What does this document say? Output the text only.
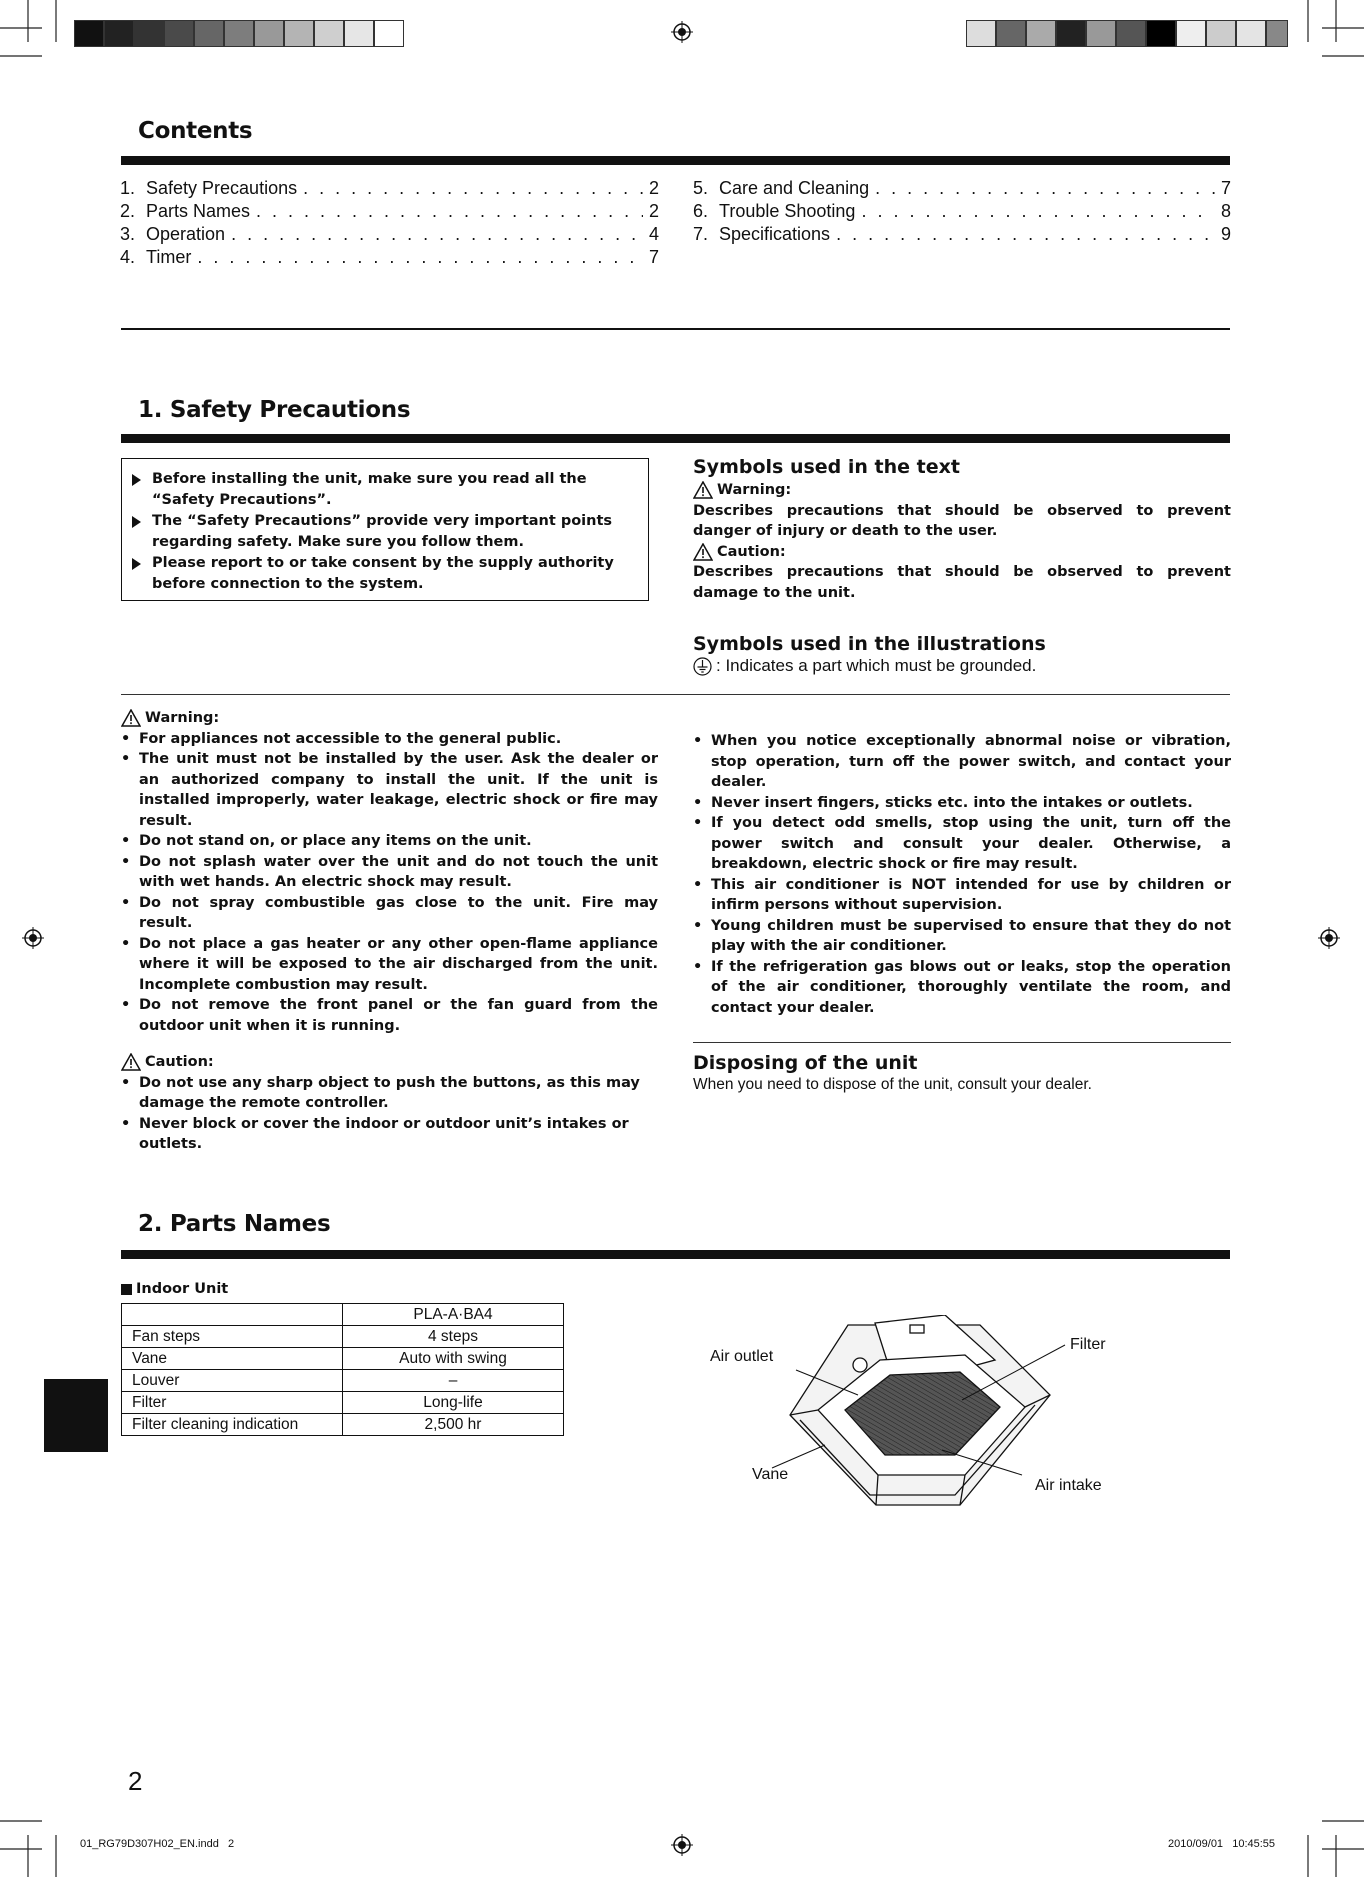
Contents
1. Safety Precautions . . .	2
2. Parts Names . . .	2
3. Operation . . .	4
4. Timer . . .	7
5. Care and Cleaning . . .	7
6. Trouble Shooting . . .	8
7. Specifications . . .	9
1. Safety Precautions
Before installing the unit, make sure you read all the “Safety Precautions”.
The “Safety Precautions” provide very important points regarding safety. Make sure you follow them.
Please report to or take consent by the supply authority before connection to the system.
Symbols used in the text
Warning:
Describes precautions that should be observed to prevent danger of injury or death to the user.
Caution:
Describes precautions that should be observed to prevent damage to the unit.
Symbols used in the illustrations
: Indicates a part which must be grounded.
Warning:
• For appliances not accessible to the general public.
• The unit must not be installed by the user. Ask the dealer or an authorized company to install the unit. If the unit is installed improperly, water leakage, electric shock or fire may result.
• Do not stand on, or place any items on the unit.
• Do not splash water over the unit and do not touch the unit with wet hands. An electric shock may result.
• Do not spray combustible gas close to the unit. Fire may result.
• Do not place a gas heater or any other open-flame appliance where it will be exposed to the air discharged from the unit. Incomplete combustion may result.
• Do not remove the front panel or the fan guard from the outdoor unit when it is running.
• When you notice exceptionally abnormal noise or vibration, stop operation, turn off the power switch, and contact your dealer.
• Never insert fingers, sticks etc. into the intakes or outlets.
• If you detect odd smells, stop using the unit, turn off the power switch and consult your dealer. Otherwise, a breakdown, electric shock or fire may result.
• This air conditioner is NOT intended for use by children or infirm persons without supervision.
• Young children must be supervised to ensure that they do not play with the air conditioner.
• If the refrigeration gas blows out or leaks, stop the operation of the air conditioner, thoroughly ventilate the room, and contact your dealer.
Caution:
• Do not use any sharp object to push the buttons, as this may damage the remote controller.
• Never block or cover the indoor or outdoor unit’s intakes or outlets.
Disposing of the unit
When you need to dispose of the unit, consult your dealer.
2. Parts Names
Indoor Unit
	PLA-A·BA4
Fan steps	4 steps
Vane	Auto with swing
Louver	–
Filter	Long-life
Filter cleaning indication	2,500 hr
Air outlet
Filter
Vane
Air intake
2
01_RG79D307H02_EN.indd   2	2010/09/01   10:45:55
